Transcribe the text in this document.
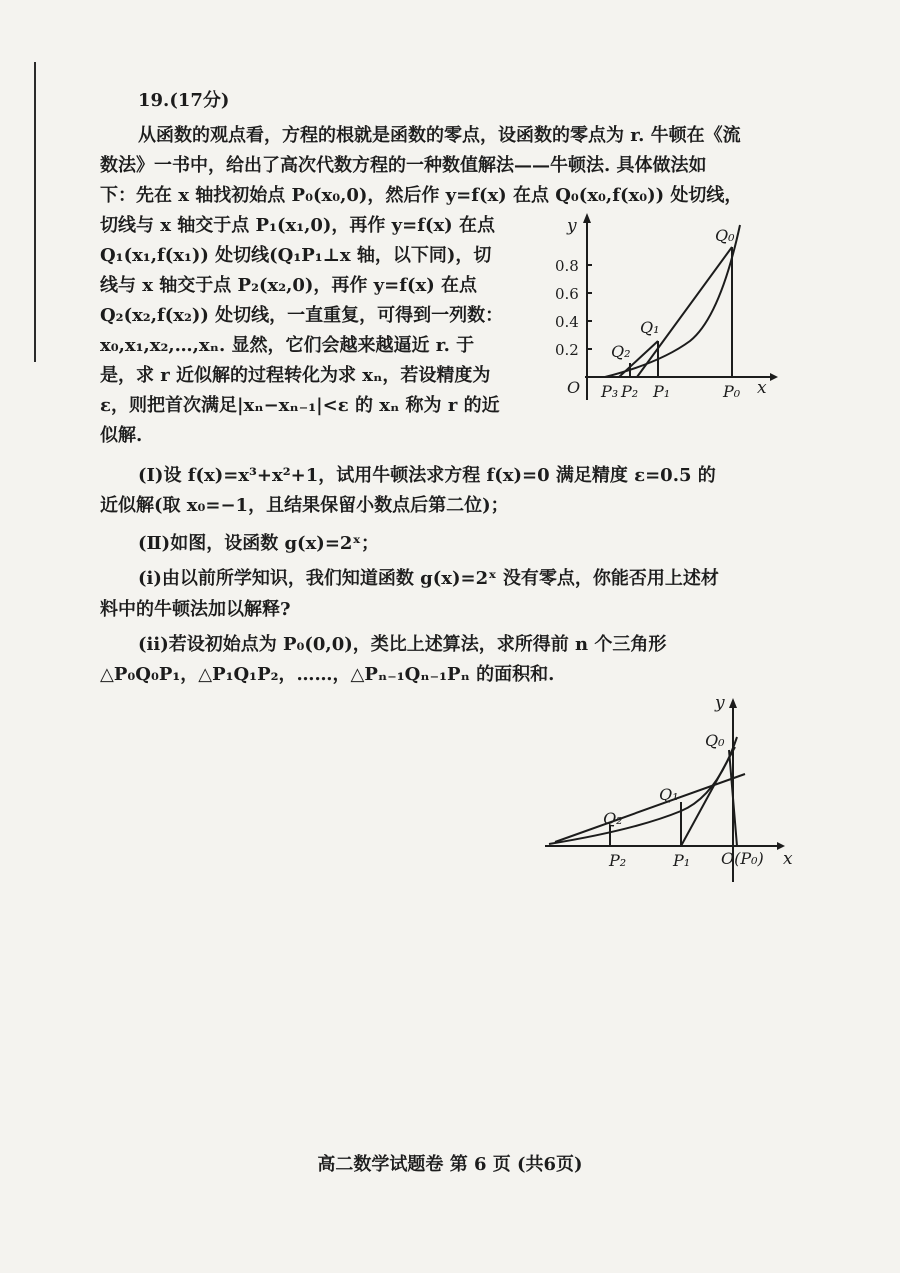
19.(17分)
从函数的观点看，方程的根就是函数的零点，设函数的零点为 r. 牛顿在《流
数法》一书中，给出了高次代数方程的一种数值解法——牛顿法. 具体做法如
下：先在 x 轴找初始点 P₀(x₀,0)，然后作 y=f(x) 在点 Q₀(x₀,f(x₀)) 处切线，
切线与 x 轴交于点 P₁(x₁,0)，再作 y=f(x) 在点
Q₁(x₁,f(x₁)) 处切线(Q₁P₁⊥x 轴，以下同)，切
线与 x 轴交于点 P₂(x₂,0)，再作 y=f(x) 在点
Q₂(x₂,f(x₂)) 处切线，一直重复，可得到一列数：
x₀,x₁,x₂,…,xₙ. 显然，它们会越来越逼近 r. 于
是，求 r 近似解的过程转化为求 xₙ，若设精度为
ε，则把首次满足|xₙ−xₙ₋₁|<ε 的 xₙ 称为 r 的近
似解.
(Ⅰ)设 f(x)=x³+x²+1，试用牛顿法求方程 f(x)=0 满足精度 ε=0.5 的
近似解(取 x₀=−1，且结果保留小数点后第二位)；
(Ⅱ)如图，设函数 g(x)=2ˣ；
(ⅰ)由以前所学知识，我们知道函数 g(x)=2ˣ 没有零点，你能否用上述材
料中的牛顿法加以解释?
(ⅱ)若设初始点为 P₀(0,0)，类比上述算法，求所得前 n 个三角形
△P₀Q₀P₁，△P₁Q₁P₂，……，△Pₙ₋₁Qₙ₋₁Pₙ 的面积和.
y
x
O
0.8
0.6
0.4
0.2
Q₀
Q₁
Q₂
P₀
P₁
P₂
P₃
y
x
O(P₀)
Q₀
Q₁
Q₂
P₁
P₂
高二数学试题卷 第 6 页 (共6页)
